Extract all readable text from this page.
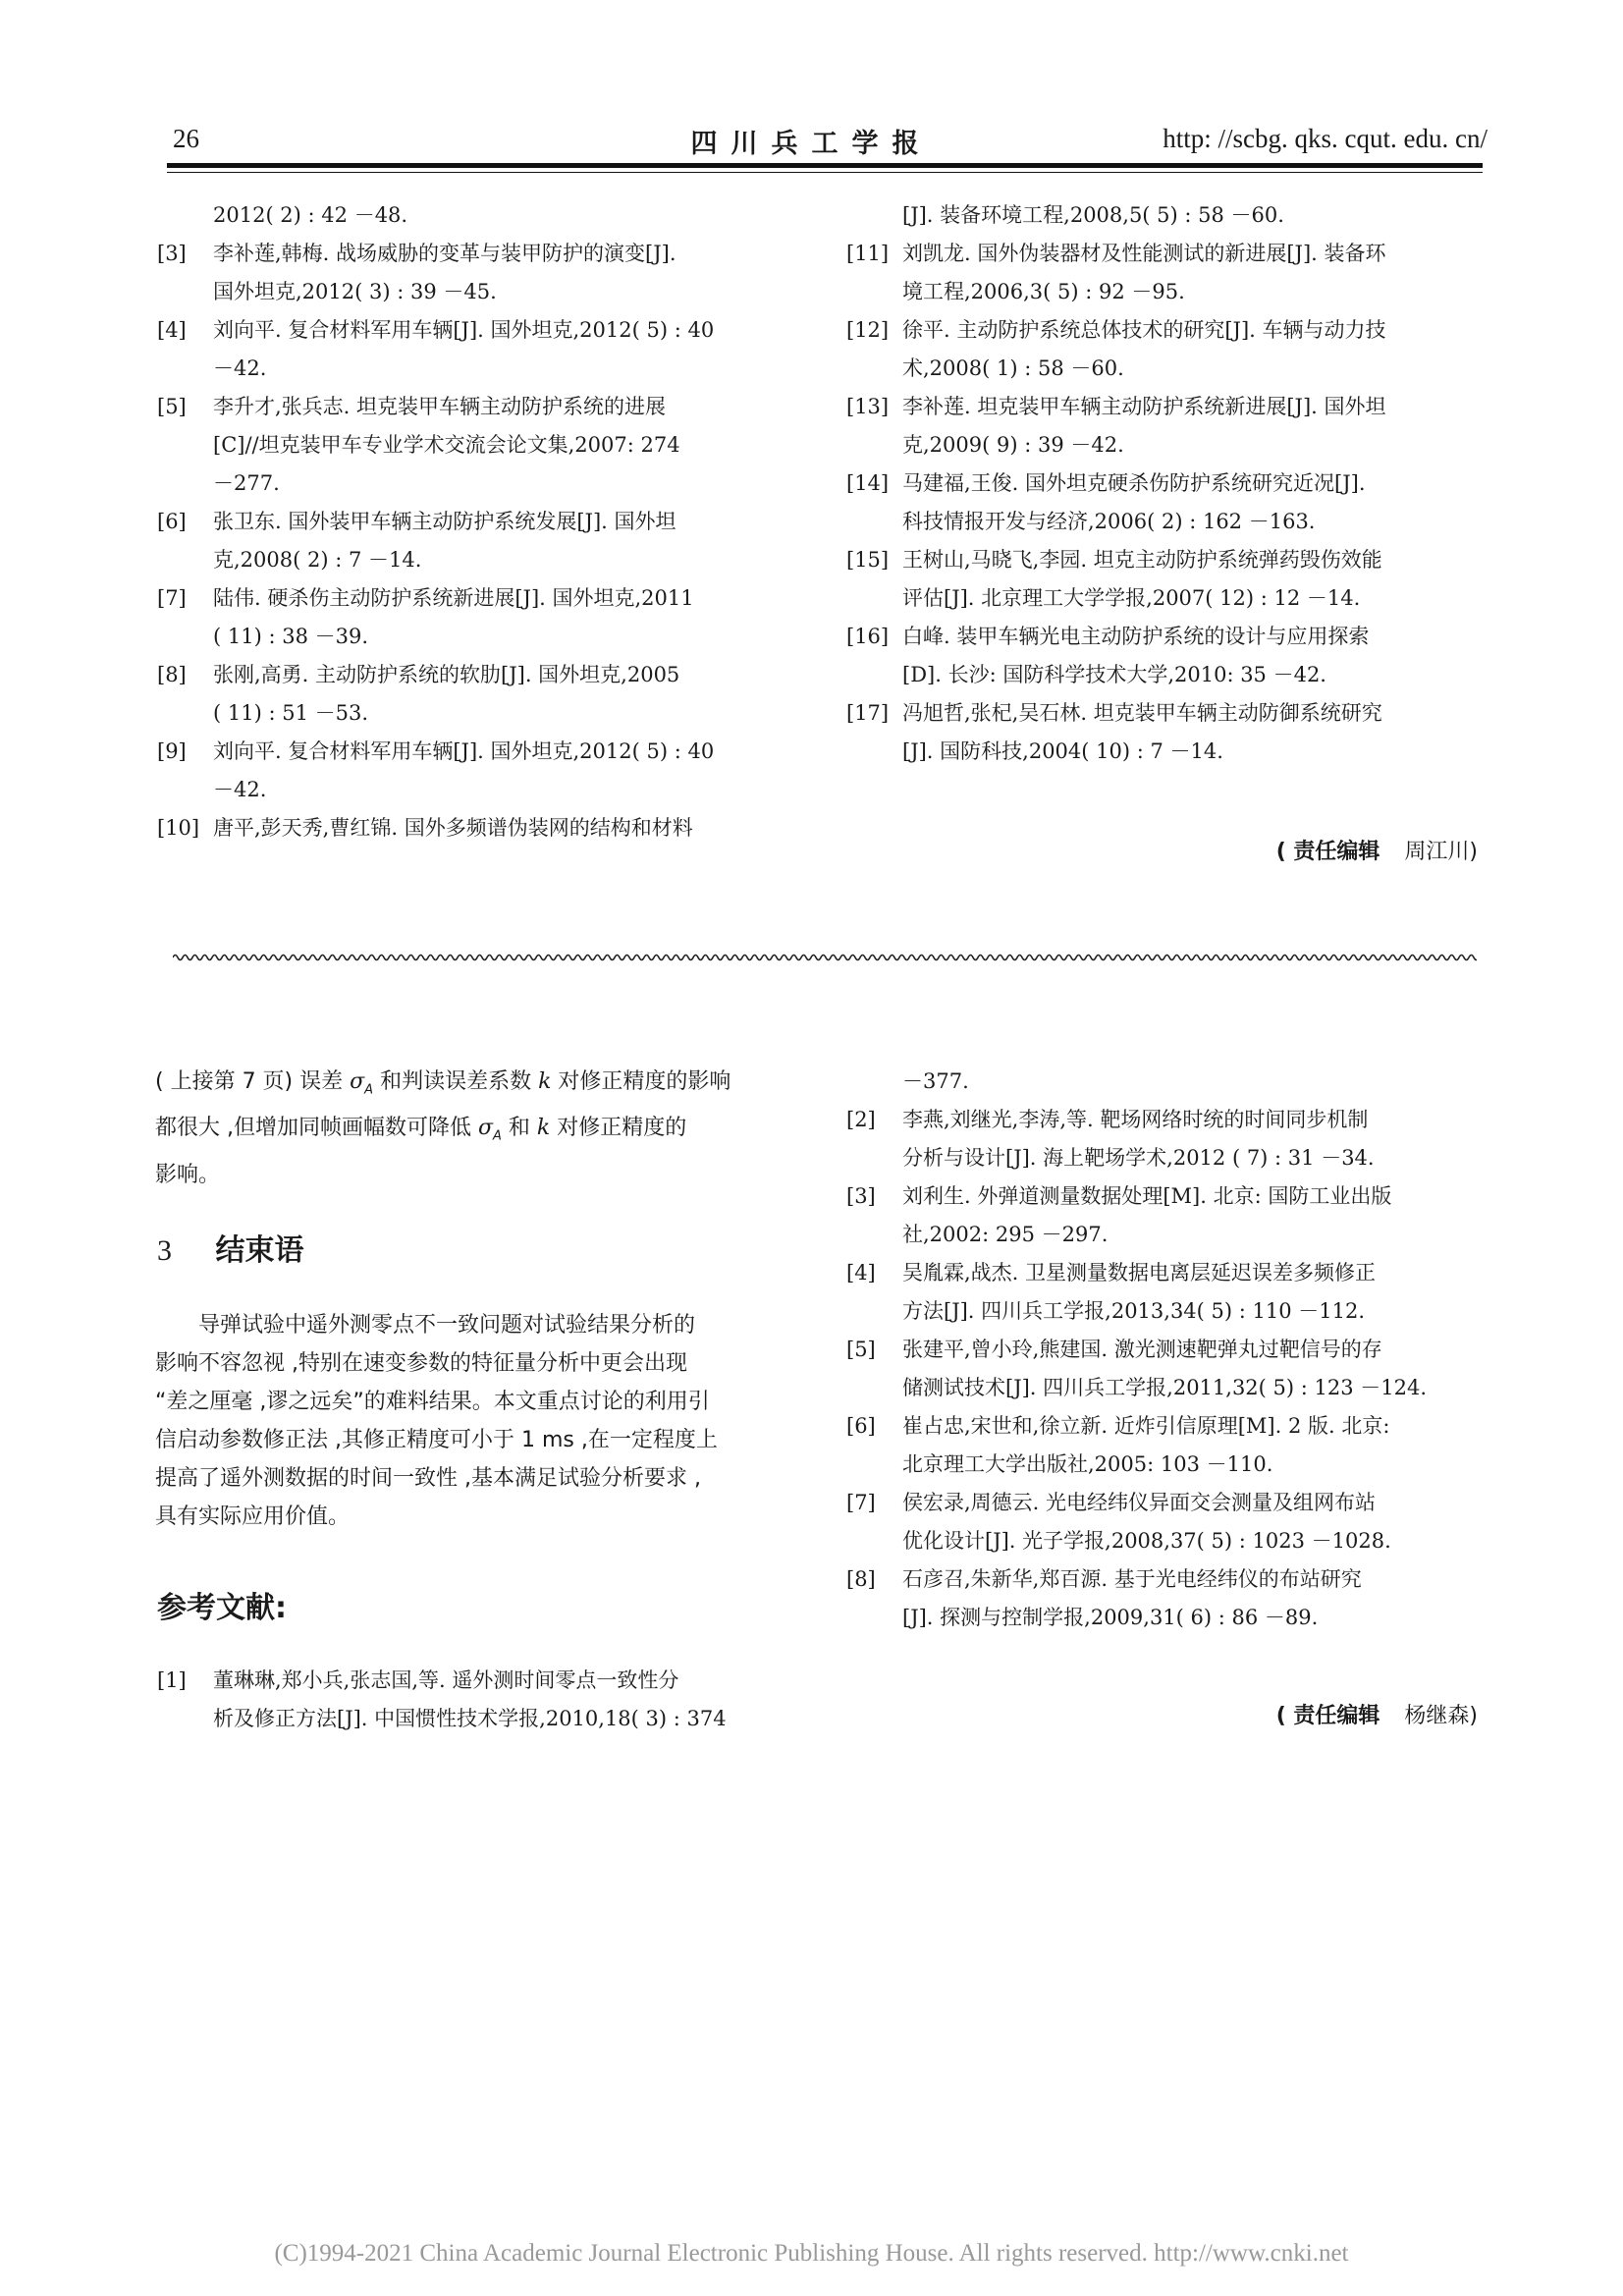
26	四川兵工学报	http: //scbg. qks. cqut. edu. cn/
2012( 2) : 42 －48.
[3] 李补莲,韩梅. 战场威胁的变革与装甲防护的演变[J].
国外坦克,2012( 3) : 39 －45.
[4] 刘向平. 复合材料军用车辆[J]. 国外坦克,2012( 5) : 40
－42.
[5] 李升才,张兵志. 坦克装甲车辆主动防护系统的进展
[C]//坦克装甲车专业学术交流会论文集,2007: 274
－277.
[6] 张卫东. 国外装甲车辆主动防护系统发展[J]. 国外坦
克,2008( 2) : 7 －14.
[7] 陆伟. 硬杀伤主动防护系统新进展[J]. 国外坦克,2011
( 11) : 38 －39.
[8] 张刚,高勇. 主动防护系统的软肋[J]. 国外坦克,2005
( 11) : 51 －53.
[9] 刘向平. 复合材料军用车辆[J]. 国外坦克,2012( 5) : 40
－42.
[10] 唐平,彭天秀,曹红锦. 国外多频谱伪装网的结构和材料
[J]. 装备环境工程,2008,5( 5) : 58 －60.
[11] 刘凯龙. 国外伪装器材及性能测试的新进展[J]. 装备环
境工程,2006,3( 5) : 92 －95.
[12] 徐平. 主动防护系统总体技术的研究[J]. 车辆与动力技
术,2008( 1) : 58 －60.
[13] 李补莲. 坦克装甲车辆主动防护系统新进展[J]. 国外坦
克,2009( 9) : 39 －42.
[14] 马建福,王俊. 国外坦克硬杀伤防护系统研究近况[J].
科技情报开发与经济,2006( 2) : 162 －163.
[15] 王树山,马晓飞,李园. 坦克主动防护系统弹药毁伤效能
评估[J]. 北京理工大学学报,2007( 12) : 12 －14.
[16] 白峰. 装甲车辆光电主动防护系统的设计与应用探索
[D]. 长沙: 国防科学技术大学,2010: 35 －42.
[17] 冯旭哲,张杞,吴石林. 坦克装甲车辆主动防御系统研究
[J]. 国防科技,2004( 10) : 7 －14.
( 责任编辑 周江川)
( 上接第 7 页) 误差 $\sigma_A$ 和判读误差系数 k 对修正精度的影响
都很大 ,但增加同帧画幅数可降低 $\sigma_A$ 和 k 对修正精度的
影响。
3 结束语
导弹试验中遥外测零点不一致问题对试验结果分析的
影响不容忽视 ,特别在速变参数的特征量分析中更会出现
“差之厘毫 ,谬之远矣”的难料结果。本文重点讨论的利用引
信启动参数修正法 ,其修正精度可小于 1 ms ,在一定程度上
提高了遥外测数据的时间一致性 ,基本满足试验分析要求 ,
具有实际应用价值。
参考文献:
[1] 董琳琳,郑小兵,张志国,等. 遥外测时间零点一致性分
析及修正方法[J]. 中国惯性技术学报,2010,18( 3) : 374
－377.
[2] 李燕,刘继光,李涛,等. 靶场网络时统的时间同步机制
分析与设计[J]. 海上靶场学术,2012 ( 7) : 31 －34.
[3] 刘利生. 外弹道测量数据处理[M]. 北京: 国防工业出版
社,2002: 295 －297.
[4] 吴胤霖,战杰. 卫星测量数据电离层延迟误差多频修正
方法[J]. 四川兵工学报,2013,34( 5) : 110 －112.
[5] 张建平,曾小玲,熊建国. 激光测速靶弹丸过靶信号的存
储测试技术[J]. 四川兵工学报,2011,32( 5) : 123 －124.
[6] 崔占忠,宋世和,徐立新. 近炸引信原理[M]. 2 版. 北京:
北京理工大学出版社,2005: 103 －110.
[7] 侯宏录,周德云. 光电经纬仪异面交会测量及组网布站
优化设计[J]. 光子学报,2008,37( 5) : 1023 －1028.
[8] 石彦召,朱新华,郑百源. 基于光电经纬仪的布站研究
[J]. 探测与控制学报,2009,31( 6) : 86 －89.
( 责任编辑 杨继森)
(C)1994-2021 China Academic Journal Electronic Publishing House. All rights reserved. http://www.cnki.net
